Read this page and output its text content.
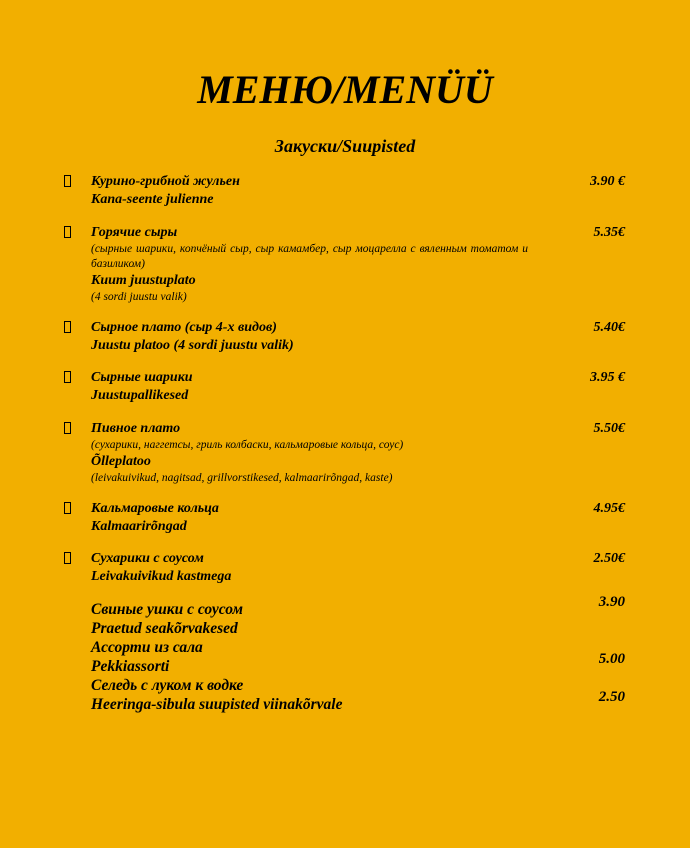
МЕНЮ/MENÜÜ
Закуски/Suupisted
Курино-грибной жульен
Kana-seente julienne
3.90 €
Горячие сыры
(сырные шарики, копчёный сыр, сыр камамбер, сыр моцарелла с вяленным томатом и базиликом)
Kuum juustuplato
(4 sordi juustu valik)
5.35€
Сырное плато (сыр 4-х видов)
Juustu platoo (4 sordi juustu valik)
5.40€
Сырные шарики
Juustupallikesed
3.95 €
Пивное плато
(сухарики, наггетсы, гриль колбаски, кальмаровые кольца, соус)
Õlleplatoo
(leivakuivikud, nagitsad, grillvorstikesed, kalmaarirõngad, kaste)
5.50€
Кальмаровые кольца
Kalmaarirõngad
4.95€
Сухарики с соусом
Leivakuivikud kastmega
2.50€
Свиные ушки с соусом
Praetud seakõrvakesed
3.90
Ассорти из сала
Pekkiassorti	5.00
Селедь с луком к водке
Heeringa-sibula suupisted viinakõrvale	2.50
